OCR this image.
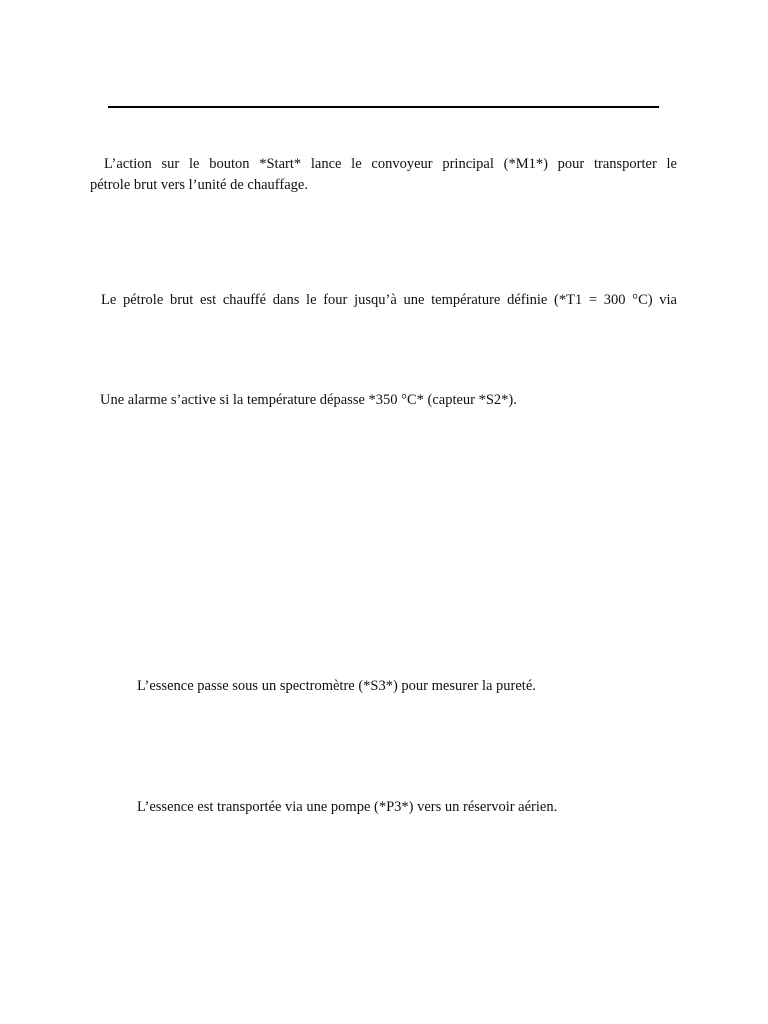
L’action sur le bouton *Start* lance le convoyeur principal (*M1*) pour transporter le
pétrole brut vers l’unité de chauffage.

Le pétrole brut est chauffé dans le four jusqu’à une température définie (*T1 = 300 °C) via

Une alarme s’active si la température dépasse *350 °C* (capteur *S2*).

L’essence passe sous un spectromètre (*S3*) pour mesurer la pureté.

L’essence est transportée via une pompe (*P3*) vers un réservoir aérien.
